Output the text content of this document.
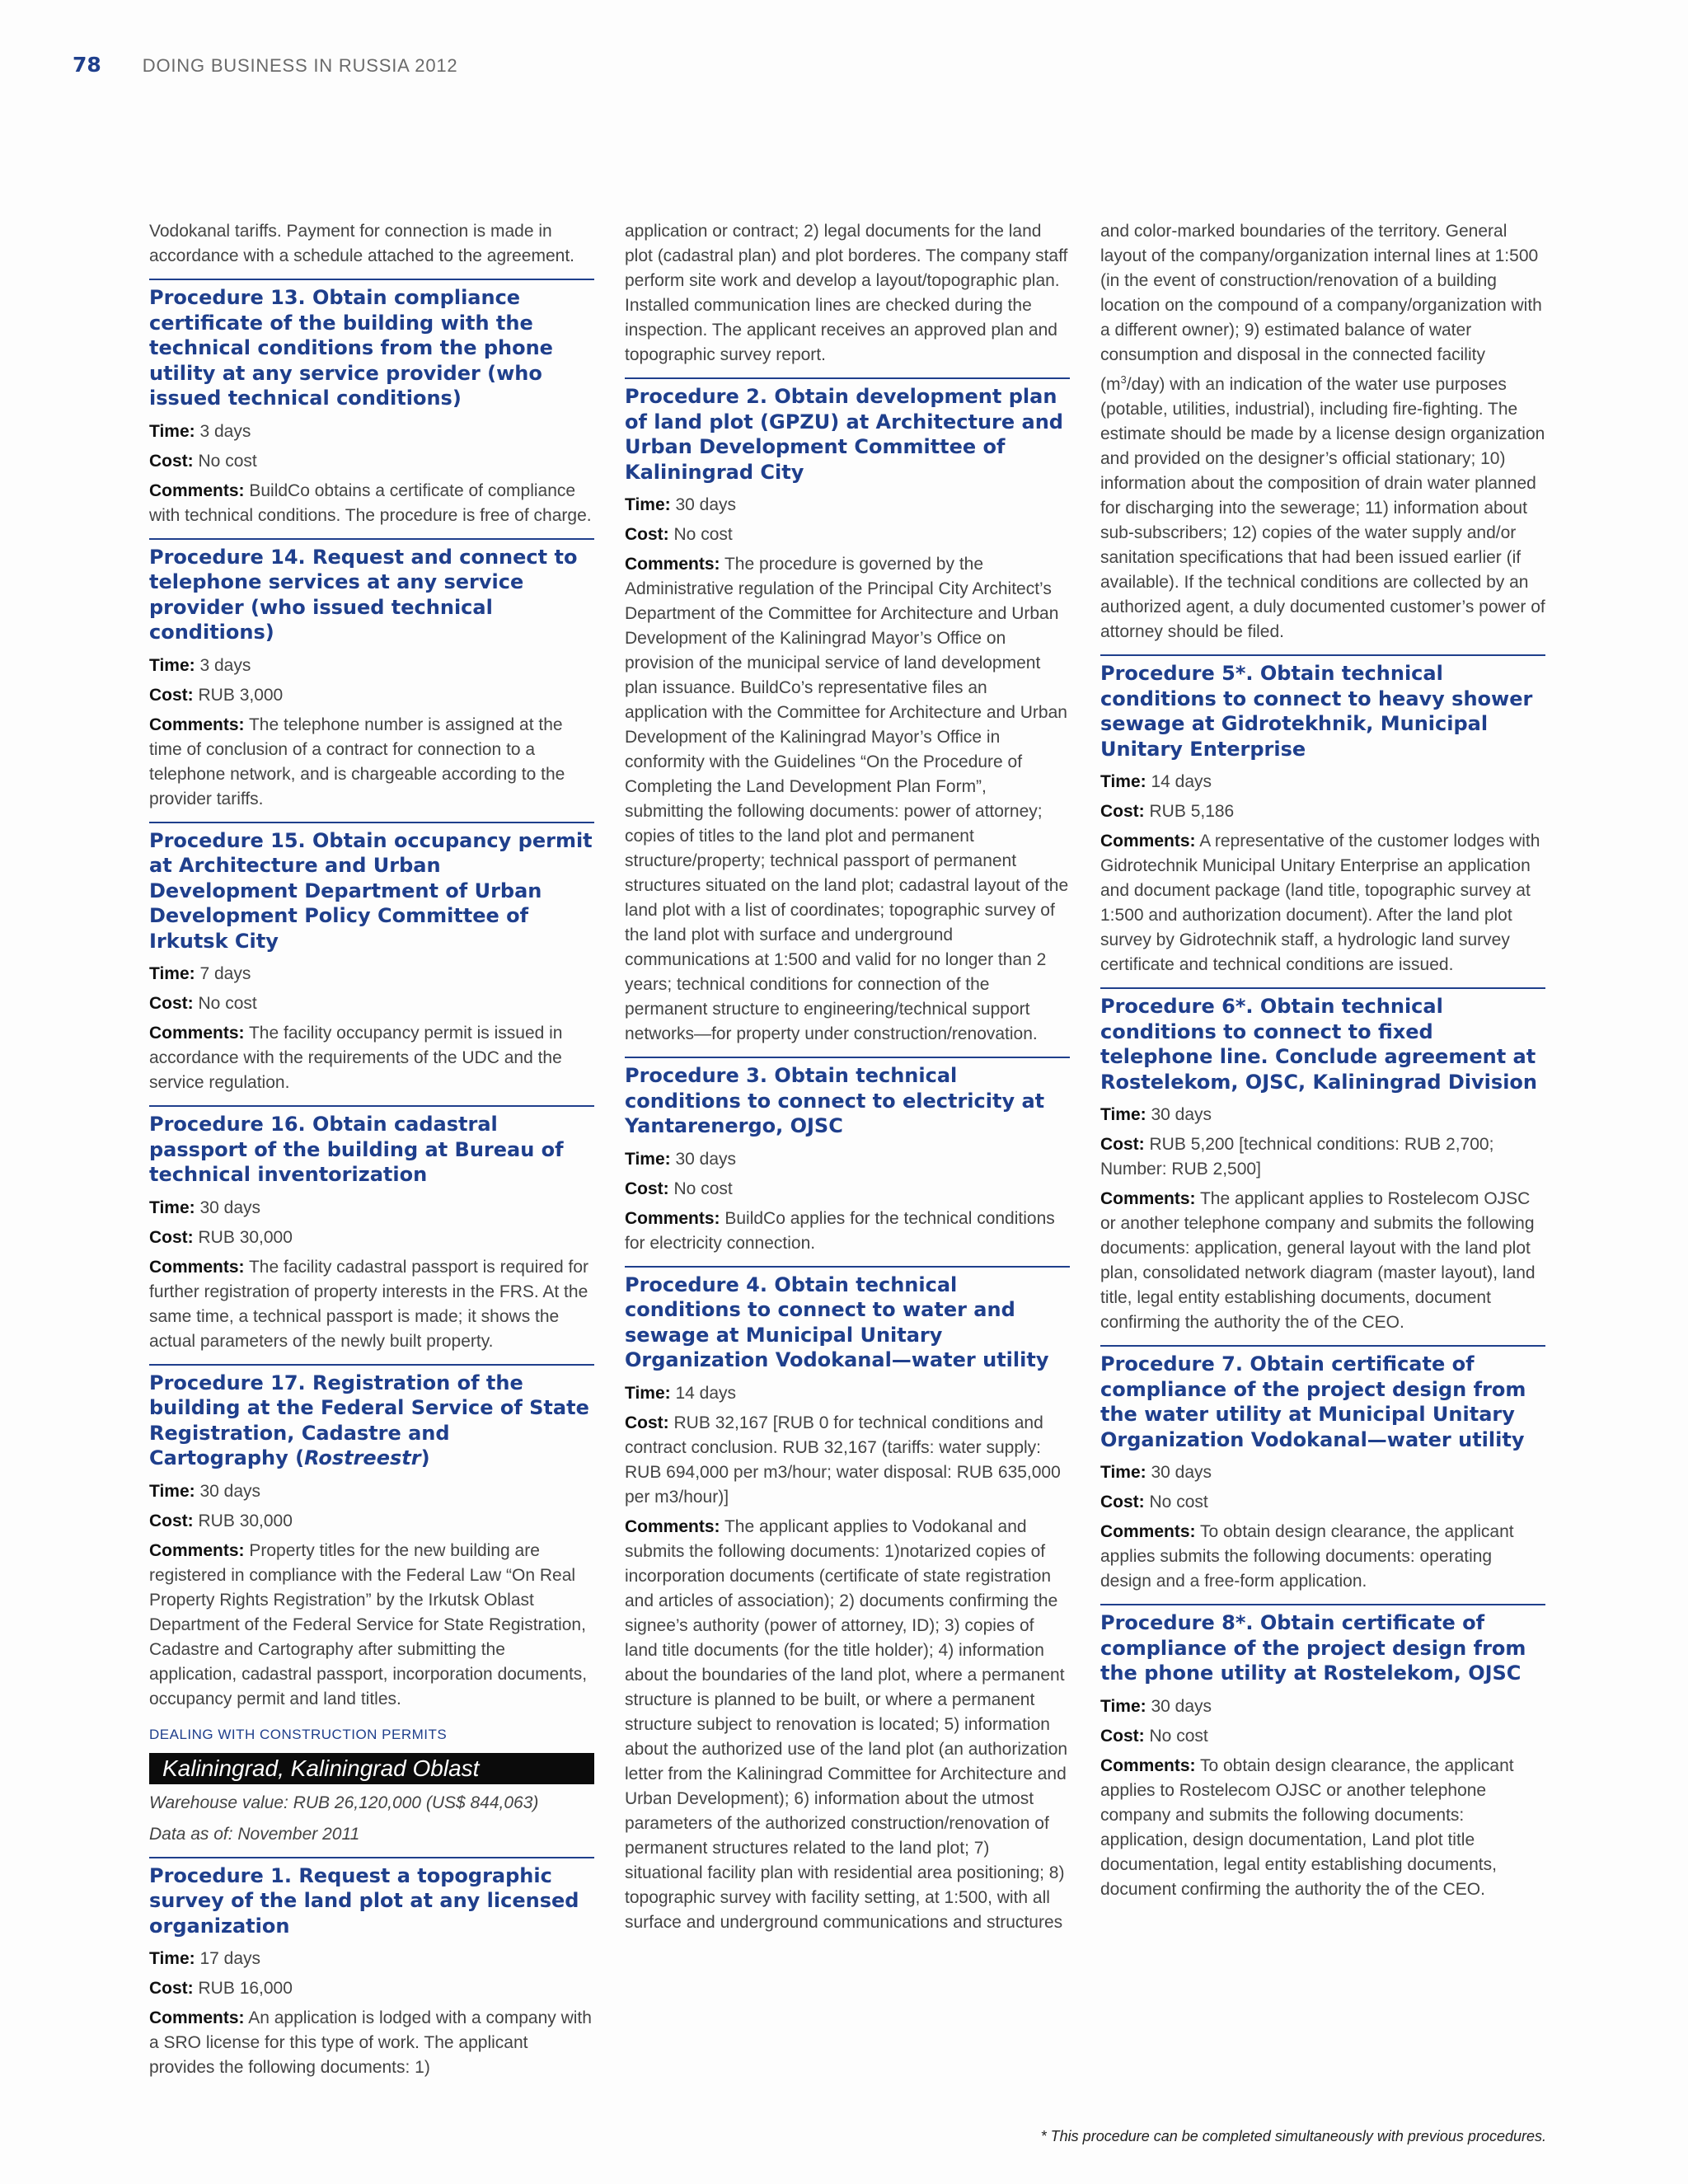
78 DOING BUSINESS IN RUSSIA 2012

Vodokanal tariffs. Payment for connection is made in accordance with a schedule attached to the agreement.

Procedure 13. Obtain compliance certificate of the building with the technical conditions from the phone utility at any service provider (who issued technical conditions)
Time: 3 days
Cost: No cost
Comments: BuildCo obtains a certificate of compliance with technical conditions. The procedure is free of charge.
Procedure 14. Request and connect to telephone services at any service provider (who issued technical conditions)
Time: 3 days
Cost: RUB 3,000
Comments: The telephone number is assigned at the time of conclusion of a contract for connection to a telephone network, and is chargeable according to the provider tariffs.
Procedure 15. Obtain occupancy permit at Architecture and Urban Development Department of Urban Development Policy Committee of Irkutsk City
Time: 7 days
Cost: No cost
Comments: The facility occupancy permit is issued in accordance with the requirements of the UDC and the service regulation.
Procedure 16. Obtain cadastral passport of the building at Bureau of technical inventorization
Time: 30 days
Cost: RUB 30,000
Comments: The facility cadastral passport is required for further registration of property interests in the FRS. At the same time, a technical passport is made; it shows the actual parameters of the newly built property.
Procedure 17. Registration of the building at the Federal Service of State Registration, Cadastre and Cartography (Rostreestr)
Time: 30 days
Cost: RUB 30,000
Comments: Property titles for the new building are registered in compliance with the Federal Law “On Real Property Rights Registration” by the Irkutsk Oblast Department of the Federal Service for State Registration, Cadastre and Cartography after submitting the application, cadastral passport, incorporation documents, occupancy permit and land titles.
DEALING WITH CONSTRUCTION PERMITS
Kaliningrad, Kaliningrad Oblast
Warehouse value: RUB 26,120,000 (US$ 844,063)
Data as of: November 2011
Procedure 1. Request a topographic survey of the land plot at any licensed organization
Time: 17 days
Cost: RUB 16,000
Comments: An application is lodged with a company with a SRO license for this type of work. The applicant provides the following documents: 1)

application or contract; 2) legal documents for the land plot (cadastral plan) and plot borderes. The company staff perform site work and develop a layout/topographic plan. Installed communication lines are checked during the inspection. The applicant receives an approved plan and topographic survey report.

Procedure 2. Obtain development plan of land plot (GPZU) at Architecture and Urban Development Committee of Kaliningrad City
Time: 30 days
Cost: No cost
Comments: The procedure is governed by the Administrative regulation of the Principal City Architect’s Department of the Committee for Architecture and Urban Development of the Kaliningrad Mayor’s Office on provision of the municipal service of land development plan issuance. BuildCo’s representative files an application with the Committee for Architecture and Urban Development of the Kaliningrad Mayor’s Office in conformity with the Guidelines “On the Procedure of Completing the Land Development Plan Form”, submitting the following documents: power of attorney; copies of titles to the land plot and permanent structure/property; technical passport of permanent structures situated on the land plot; cadastral layout of the land plot with a list of coordinates; topographic survey of the land plot with surface and underground communications at 1:500 and valid for no longer than 2 years; technical conditions for connection of the permanent structure to engineering/technical support networks—for property under construction/renovation.
Procedure 3. Obtain technical conditions to connect to electricity at Yantarenergo, OJSC
Time: 30 days
Cost: No cost
Comments: BuildCo applies for the technical conditions for electricity connection.
Procedure 4. Obtain technical conditions to connect to water and sewage at Municipal Unitary Organization Vodokanal—water utility
Time: 14 days
Cost: RUB 32,167 [RUB 0 for technical conditions and contract conclusion. RUB 32,167 (tariffs: water supply: RUB 694,000 per m3/hour; water disposal: RUB 635,000 per m3/hour)]
Comments: The applicant applies to Vodokanal and submits the following documents: 1)notarized copies of incorporation documents (certificate of state registration and articles of association); 2) documents confirming the signee’s authority (power of attorney, ID); 3) copies of land title documents (for the title holder); 4) information about the boundaries of the land plot, where a permanent structure is planned to be built, or where a permanent structure subject to renovation is located; 5) information about the authorized use of the land plot (an authorization letter from the Kaliningrad Committee for Architecture and Urban Development); 6) information about the utmost parameters of the authorized construction/renovation of permanent structures related to the land plot; 7) situational facility plan with residential area positioning; 8) topographic survey with facility setting, at 1:500, with all surface and underground communications and structures

and color-marked boundaries of the territory. General layout of the company/organization internal lines at 1:500 (in the event of construction/renovation of a building location on the compound of a company/organization with a different owner); 9) estimated balance of water consumption and disposal in the connected facility $(m^3/day)$ with an indication of the water use purposes (potable, utilities, industrial), including fire-fighting. The estimate should be made by a license design organization and provided on the designer’s official stationary; 10) information about the composition of drain water planned for discharging into the sewerage; 11) information about sub-subscribers; 12) copies of the water supply and/or sanitation specifications that had been issued earlier (if available). If the technical conditions are collected by an authorized agent, a duly documented customer’s power of attorney should be filed.

Procedure 5*. Obtain technical conditions to connect to heavy shower sewage at Gidrotekhnik, Municipal Unitary Enterprise
Time: 14 days
Cost: RUB 5,186
Comments: A representative of the customer lodges with Gidrotechnik Municipal Unitary Enterprise an application and document package (land title, topographic survey at 1:500 and authorization document). After the land plot survey by Gidrotechnik staff, a hydrologic land survey certificate and technical conditions are issued.
Procedure 6*. Obtain technical conditions to connect to fixed telephone line. Conclude agreement at Rostelekom, OJSC, Kaliningrad Division
Time: 30 days
Cost: RUB 5,200 [technical conditions: RUB 2,700; Number: RUB 2,500]
Comments: The applicant applies to Rostelecom OJSC or another telephone company and submits the following documents: application, general layout with the land plot plan, consolidated network diagram (master layout), land title, legal entity establishing documents, document confirming the authority the of the CEO.
Procedure 7. Obtain certificate of compliance of the project design from the water utility at Municipal Unitary Organization Vodokanal—water utility
Time: 30 days
Cost: No cost
Comments: To obtain design clearance, the applicant applies submits the following documents: operating design and a free-form application.
Procedure 8*. Obtain certificate of compliance of the project design from the phone utility at Rostelekom, OJSC
Time: 30 days
Cost: No cost
Comments: To obtain design clearance, the applicant applies to Rostelecom OJSC or another telephone company and submits the following documents: application, design documentation, Land plot title documentation, legal entity establishing documents, document confirming the authority the of the CEO.
* This procedure can be completed simultaneously with previous procedures.
